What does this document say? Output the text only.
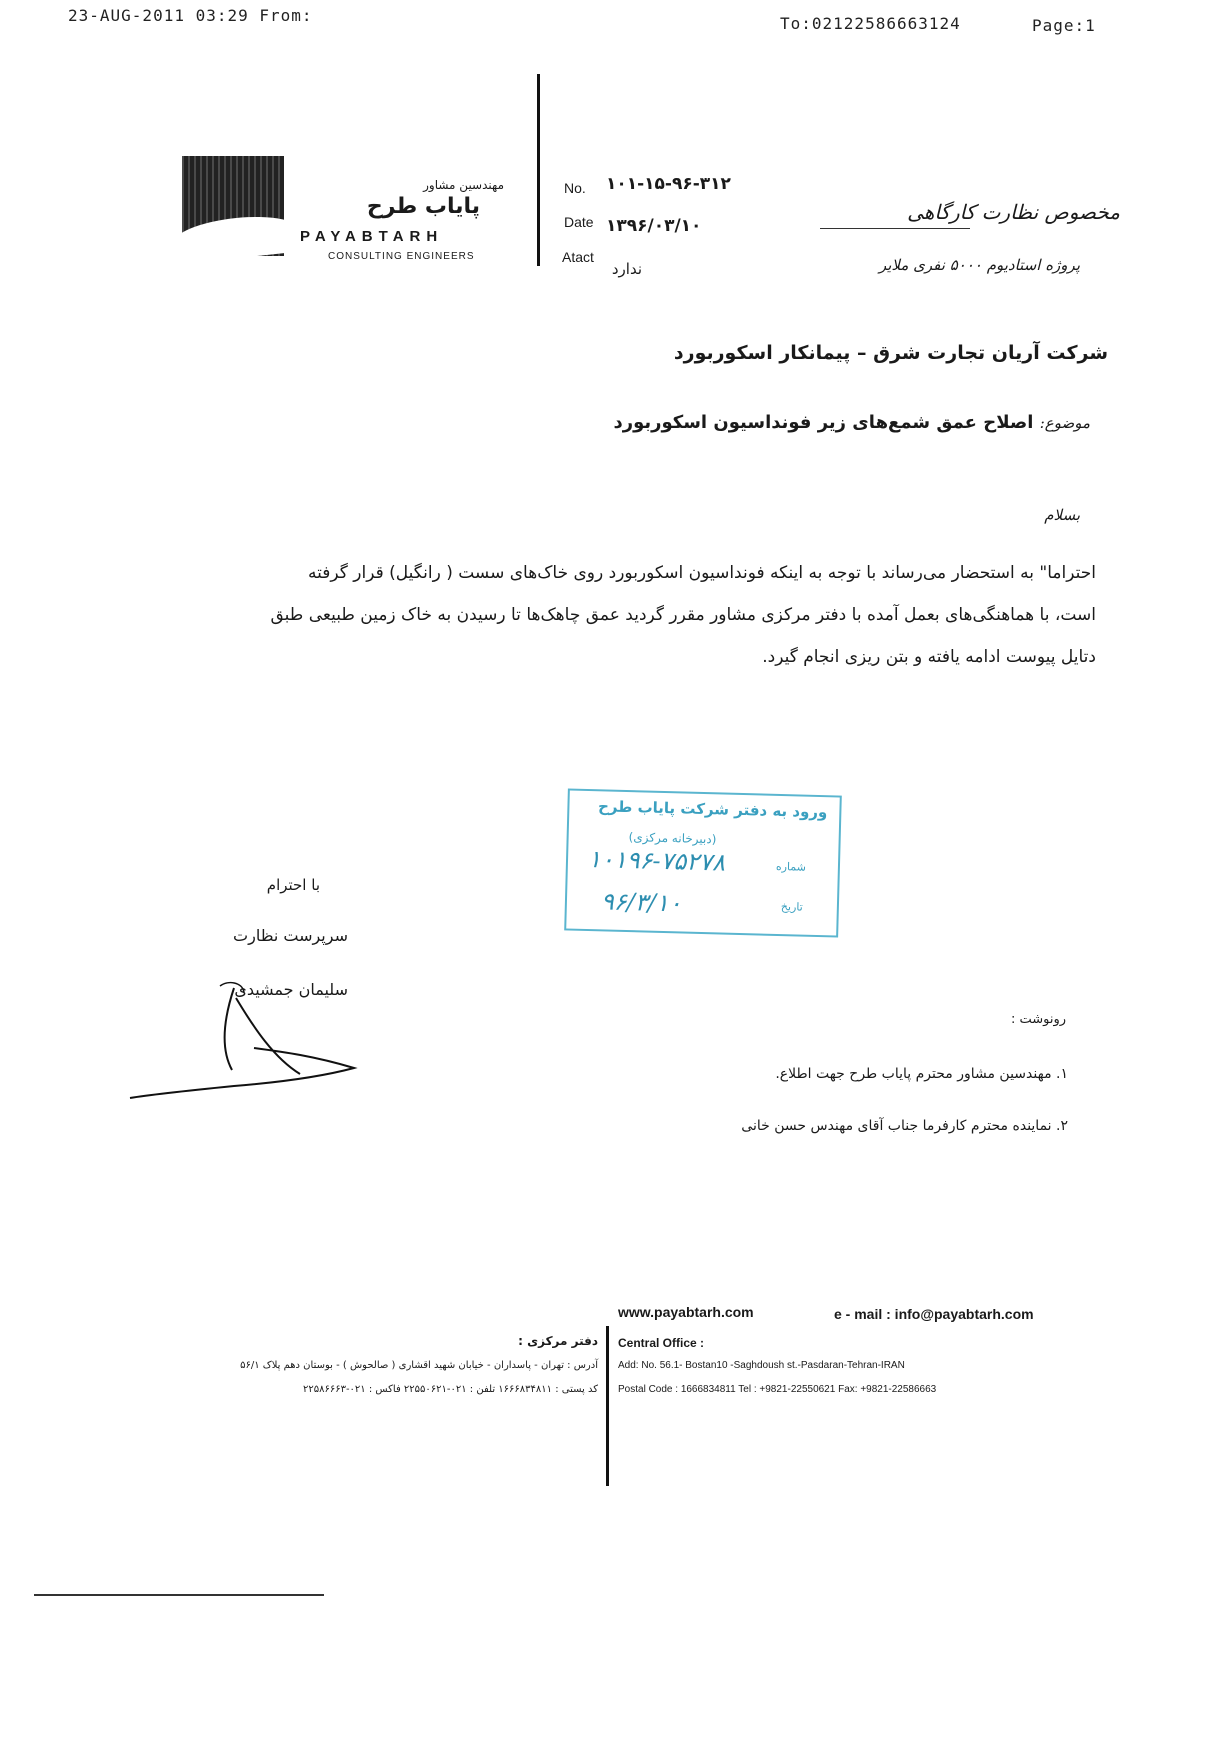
23-AUG-2011 03:29 From:	To:02122586663124	Page:1
مهندسین مشاور
پایاب طرح
PAYABTARH
CONSULTING ENGINEERS
No. ۱۰۱-۱۵-۹۶-۳۱۲
Date ۱۳۹۶/۰۳/۱۰
Atact
ندارد
مخصوص نظارت کارگاهی
پروژه استادیوم ۵۰۰۰ نفری ملایر
شرکت آریان تجارت شرق – پیمانکار اسکوربورد
موضوع: اصلاح عمق شمع‌های زیر فونداسیون اسکوربورد
بسلام
احتراما" به استحضار می‌رساند با توجه به اینکه فونداسیون اسکوربورد روی خاک‌های سست ( رانگیل) قرار گرفته
است، با هماهنگی‌های بعمل آمده با دفتر مرکزی مشاور مقرر گردید عمق چاهک‌ها تا رسیدن به خاک زمین طبیعی طبق
دتایل پیوست ادامه یافته و بتن ریزی انجام گیرد.
ورود به دفتر شرکت پایاب طرح
(دبیرخانه مرکزی)
۱۰۱۹۶-۷۵۲۷۸	شماره
۹۶/۳/۱۰	تاریخ
با احترام
سرپرست نظارت
سلیمان جمشیدی
رونوشت :
۱. مهندسین مشاور محترم پایاب طرح جهت اطلاع.
۲. نماینده محترم کارفرما جناب آقای مهندس حسن خانی
www.payabtarh.com	e - mail : info@payabtarh.com
Central Office :
Add: No. 56.1- Bostan10 -Saghdoush st.-Pasdaran-Tehran-IRAN
Postal Code : 1666834811 Tel : +9821-22550621 Fax: +9821-22586663
دفتر مرکزی :
آدرس : تهران - پاسداران - خیابان شهید اقشاری ( صالحوش ) - بوستان دهم پلاک ۵۶/۱
کد پستی : ۱۶۶۶۸۳۴۸۱۱ تلفن : ۰۲۱-۲۲۵۵۰۶۲۱ فاکس : ۰۲۱-۲۲۵۸۶۶۶۳
